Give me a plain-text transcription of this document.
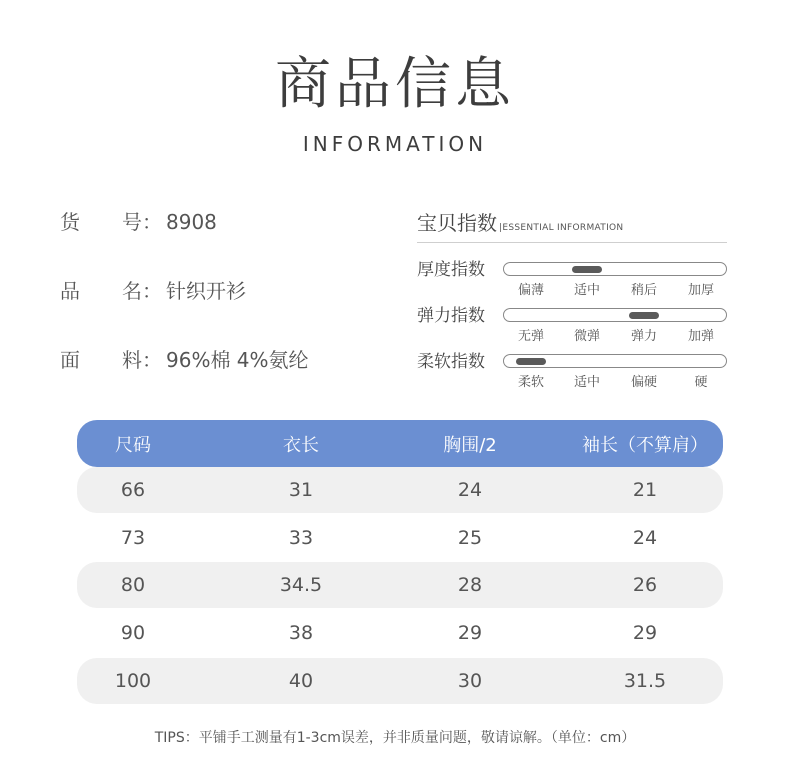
商品信息
INFORMATION
货 号： 8908
品 名： 针织开衫
面 料： 96%棉 4%氨纶
宝贝指数 |ESSENTIAL INFORMATION
厚度指数
偏薄	适中	稍后	加厚
弹力指数
无弹	微弹	弹力	加弹
柔软指数
柔软	适中	偏硬	硬
尺码	衣长	胸围/2	袖长（不算肩）
66	31	24	21
73	33	25	24
80	34.5	28	26
90	38	29	29
100	40	30	31.5
TIPS：平铺手工测量有1-3cm误差，并非质量问题，敬请谅解。（单位：cm）
